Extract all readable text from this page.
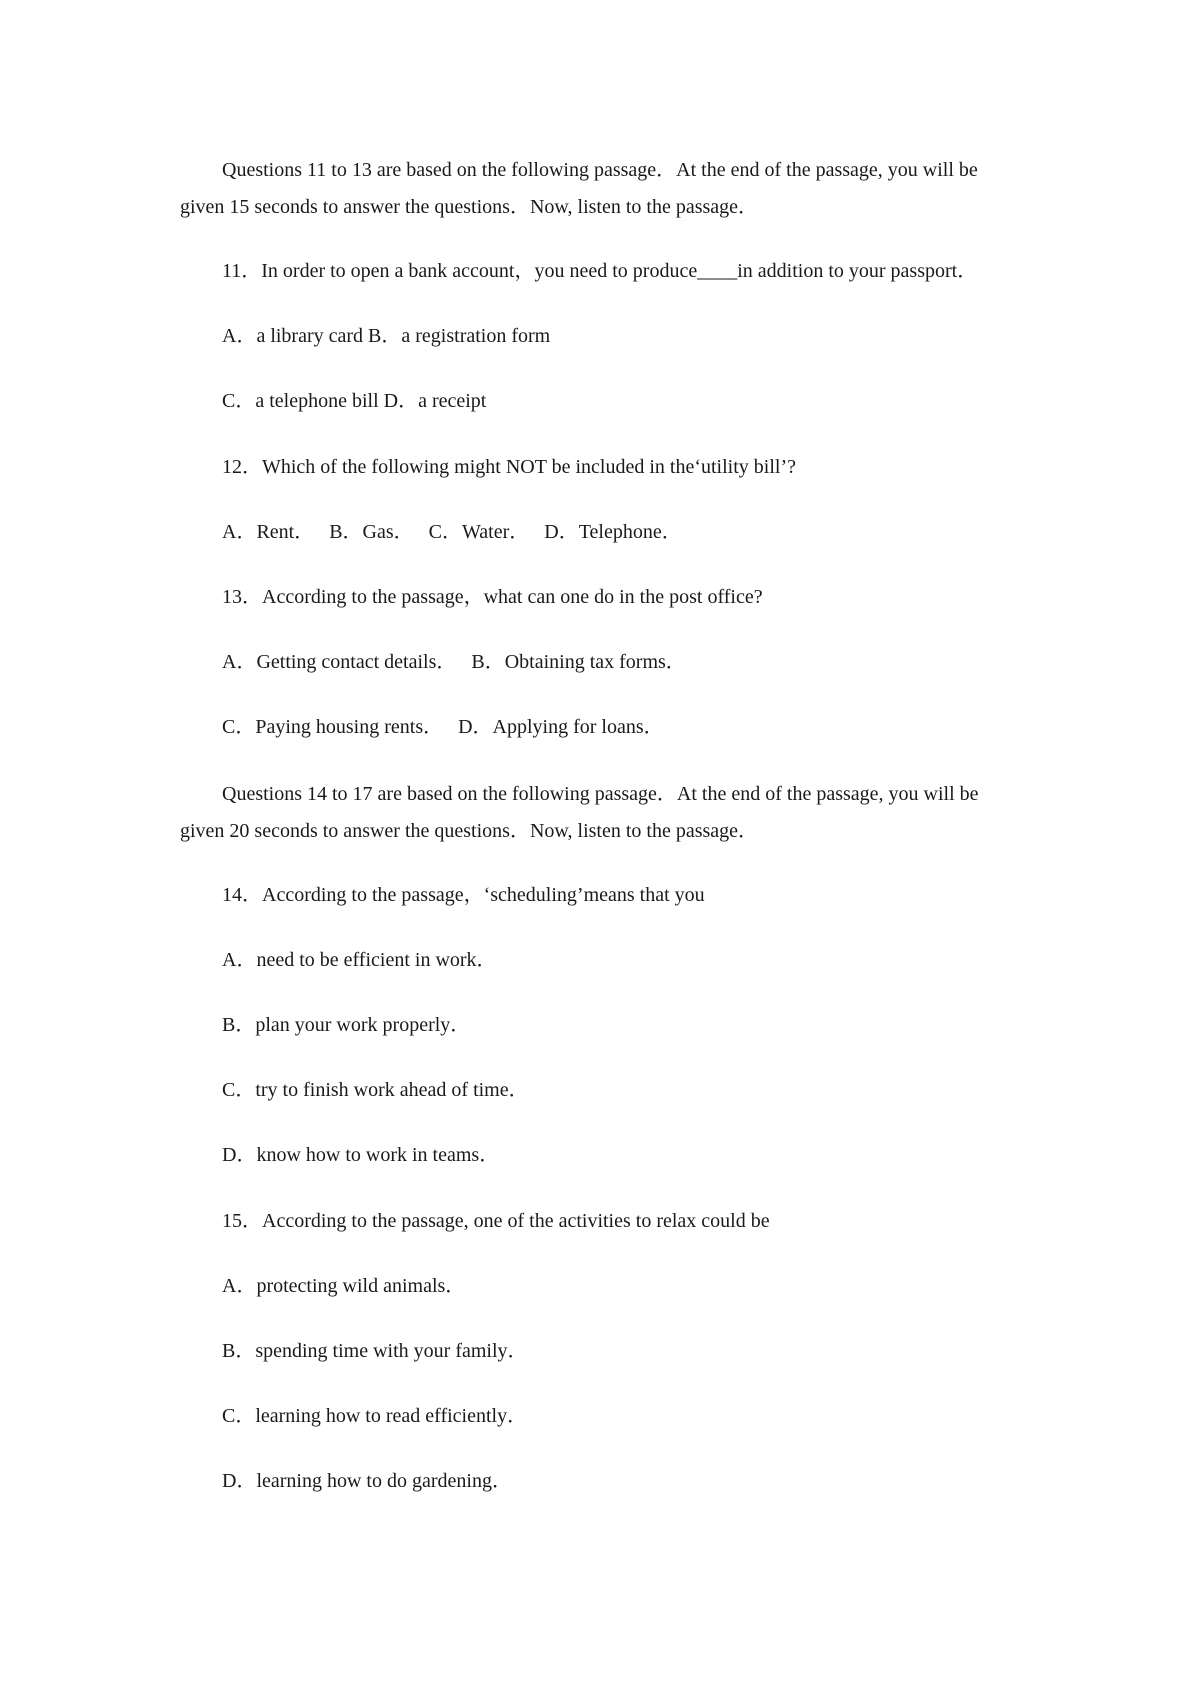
Questions 11 to 13 are based on the following passage．At the end of the passage, you will be given 15 seconds to answer the questions．Now, listen to the passage．
11．In order to open a bank account，you need to produce____in addition to your passport．
A．a library card B．a registration form
C．a telephone bill D．a receipt
12．Which of the following might NOT be included in the‘utility bill’?
A．Rent．   B．Gas．   C．Water．   D．Telephone．
13．According to the passage，what can one do in the post office?
A．Getting contact details．   B．Obtaining tax forms．
C．Paying housing rents．   D．Applying for loans．
Questions 14 to 17 are based on the following passage．At the end of the passage, you will be given 20 seconds to answer the questions．Now, listen to the passage．
14．According to the passage，‘scheduling’means that you
A．need to be efficient in work．
B．plan your work properly．
C．try to finish work ahead of time．
D．know how to work in teams．
15．According to the passage, one of the activities to relax could be
A．protecting wild animals．
B．spending time with your family．
C．learning how to read efficiently．
D．learning how to do gardening．
